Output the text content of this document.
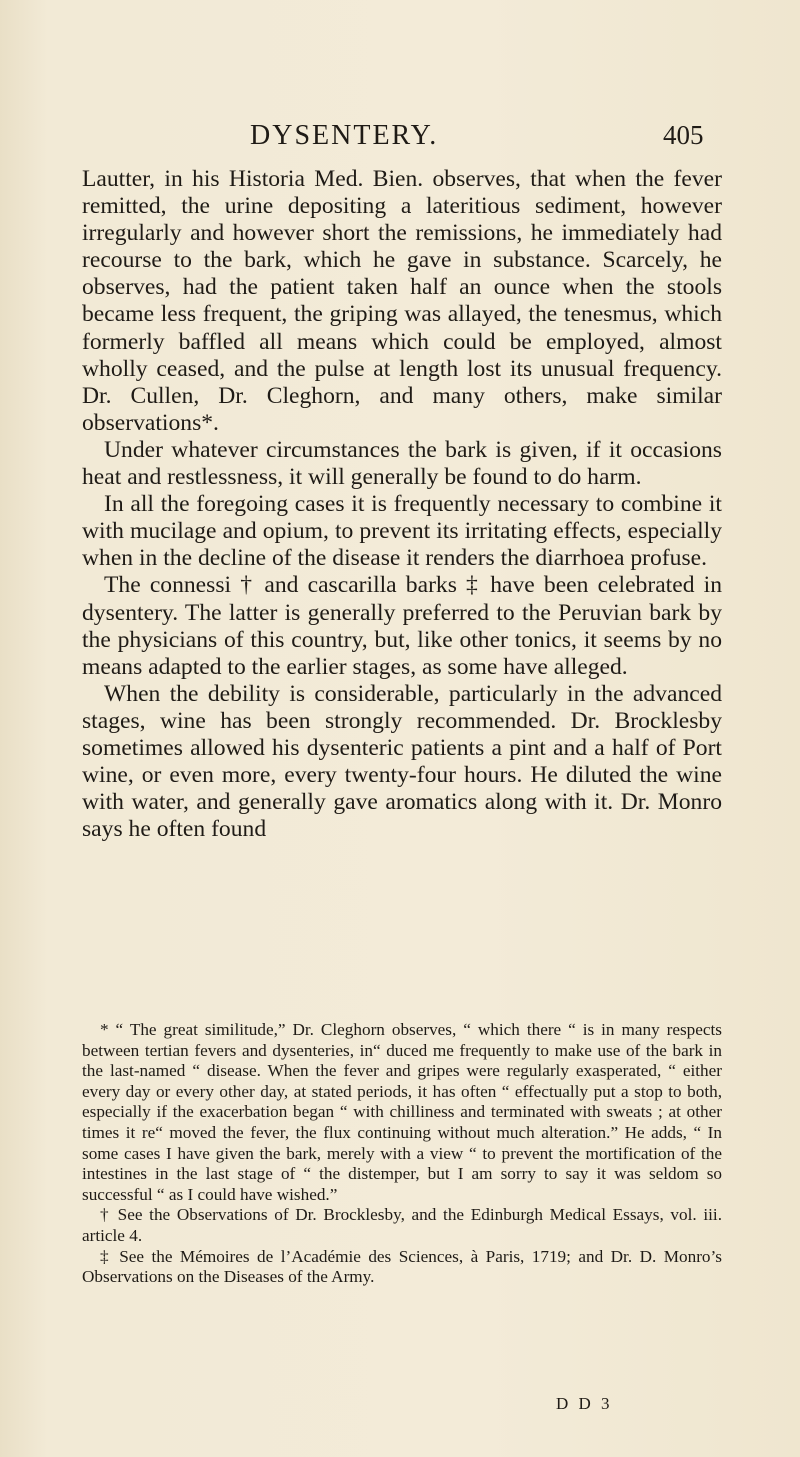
DYSENTERY.	405

Lautter, in his Historia Med. Bien. observes, that when the fever remitted, the urine depositing a lateritious sediment, however irregularly and however short the remissions, he immediately had recourse to the bark, which he gave in substance. Scarcely, he observes, had the patient taken half an ounce when the stools became less frequent, the griping was allayed, the tenesmus, which formerly baffled all means which could be employed, almost wholly ceased, and the pulse at length lost its unusual frequency. Dr. Cullen, Dr. Cleghorn, and many others, make similar observations*.

Under whatever circumstances the bark is given, if it occasions heat and restlessness, it will generally be found to do harm.

In all the foregoing cases it is frequently necessary to combine it with mucilage and opium, to prevent its irritating effects, especially when in the decline of the disease it renders the diarrhoea profuse.

The connessi † and cascarilla barks ‡ have been celebrated in dysentery. The latter is generally preferred to the Peruvian bark by the physicians of this country, but, like other tonics, it seems by no means adapted to the earlier stages, as some have alleged.

When the debility is considerable, particularly in the advanced stages, wine has been strongly recommended. Dr. Brocklesby sometimes allowed his dysenteric patients a pint and a half of Port wine, or even more, every twenty-four hours. He diluted the wine with water, and generally gave aromatics along with it. Dr. Monro says he often found

* “ The great similitude,” Dr. Cleghorn observes, “ which there “ is in many respects between tertian fevers and dysenteries, in“ duced me frequently to make use of the bark in the last-named “ disease. When the fever and gripes were regularly exasperated, “ either every day or every other day, at stated periods, it has often “ effectually put a stop to both, especially if the exacerbation began “ with chilliness and terminated with sweats ; at other times it re“ moved the fever, the flux continuing without much alteration.” He adds, “ In some cases I have given the bark, merely with a view “ to prevent the mortification of the intestines in the last stage of “ the distemper, but I am sorry to say it was seldom so successful “ as I could have wished.”

† See the Observations of Dr. Brocklesby, and the Edinburgh Medical Essays, vol. iii. article 4.

‡ See the Mémoires de l’Académie des Sciences, à Paris, 1719; and Dr. D. Monro’s Observations on the Diseases of the Army.

D D 3
